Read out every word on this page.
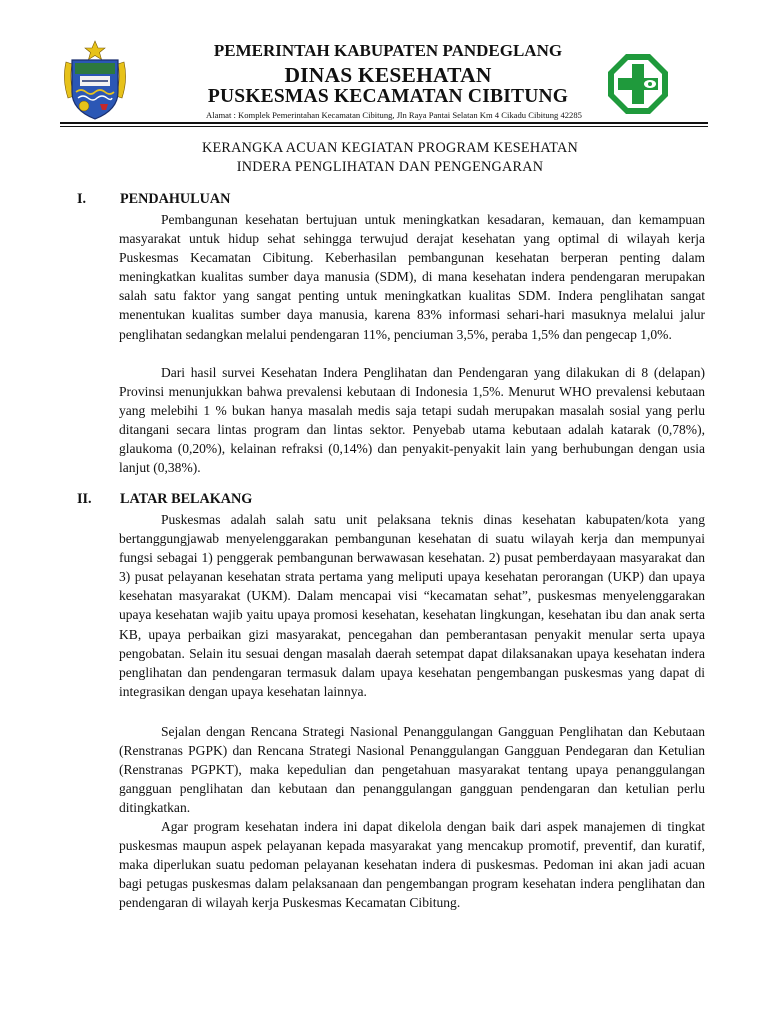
PEMERINTAH KABUPATEN PANDEGLANG
DINAS KESEHATAN
PUSKESMAS KECAMATAN CIBITUNG
Alamat : Komplek Pemerintahan Kecamatan Cibitung, Jln Raya Pantai Selatan Km 4 Cikadu Cibitung 42285
KERANGKA ACUAN KEGIATAN PROGRAM KESEHATAN
INDERA PENGLIHATAN DAN PENGENGARAN
I. PENDAHULUAN

Pembangunan kesehatan bertujuan untuk meningkatkan kesadaran, kemauan, dan kemampuan masyarakat untuk hidup sehat sehingga terwujud derajat kesehatan yang optimal di wilayah kerja Puskesmas Kecamatan Cibitung. Keberhasilan pembangunan kesehatan berperan penting dalam meningkatkan kualitas sumber daya manusia (SDM), di mana kesehatan indera pendengaran merupakan salah satu faktor yang sangat penting untuk meningkatkan kualitas SDM. Indera penglihatan sangat menentukan kualitas sumber daya manusia, karena 83% informasi sehari-hari masuknya melalui jalur penglihatan sedangkan melalui pendengaran 11%, penciuman 3,5%, peraba 1,5% dan pengecap 1,0%.

Dari hasil survei Kesehatan Indera Penglihatan dan Pendengaran yang dilakukan di 8 (delapan) Provinsi menunjukkan bahwa prevalensi kebutaan di Indonesia 1,5%. Menurut WHO prevalensi kebutaan yang melebihi 1 % bukan hanya masalah medis saja tetapi sudah merupakan masalah sosial yang perlu ditangani secara lintas program dan lintas sektor. Penyebab utama kebutaan adalah katarak (0,78%), glaukoma (0,20%), kelainan refraksi (0,14%) dan penyakit-penyakit lain yang berhubungan dengan usia lanjut (0,38%).

II. LATAR BELAKANG

Puskesmas adalah salah satu unit pelaksana teknis dinas kesehatan kabupaten/kota yang bertanggungjawab menyelenggarakan pembangunan kesehatan di suatu wilayah kerja dan mempunyai fungsi sebagai 1) penggerak pembangunan berwawasan kesehatan. 2) pusat pemberdayaan masyarakat dan 3) pusat pelayanan kesehatan strata pertama yang meliputi upaya kesehatan perorangan (UKP) dan upaya kesehatan masyarakat (UKM). Dalam mencapai visi “kecamatan sehat”, puskesmas menyelenggarakan upaya kesehatan wajib yaitu upaya promosi kesehatan, kesehatan lingkungan, kesehatan ibu dan anak serta KB, upaya perbaikan gizi masyarakat, pencegahan dan pemberantasan penyakit menular serta upaya pengobatan. Selain itu sesuai dengan masalah daerah setempat dapat dilaksanakan upaya kesehatan indera penglihatan dan pendengaran termasuk dalam upaya kesehatan pengembangan puskesmas yang dapat di integrasikan dengan upaya kesehatan lainnya.

Sejalan dengan Rencana Strategi Nasional Penanggulangan Gangguan Penglihatan dan Kebutaan (Renstranas PGPK) dan Rencana Strategi Nasional Penanggulangan Gangguan Pendegaran dan Ketulian (Renstranas PGPKT), maka kepedulian dan pengetahuan masyarakat tentang upaya penanggulangan gangguan penglihatan dan kebutaan dan penanggulangan gangguan pendengaran dan ketulian perlu ditingkatkan.

Agar program kesehatan indera ini dapat dikelola dengan baik dari aspek manajemen di tingkat puskesmas maupun aspek pelayanan kepada masyarakat yang mencakup promotif, preventif, dan kuratif, maka diperlukan suatu pedoman pelayanan kesehatan indera di puskesmas. Pedoman ini akan jadi acuan bagi petugas puskesmas dalam pelaksanaan dan pengembangan program kesehatan indera penglihatan dan pendengaran di wilayah kerja Puskesmas Kecamatan Cibitung.
